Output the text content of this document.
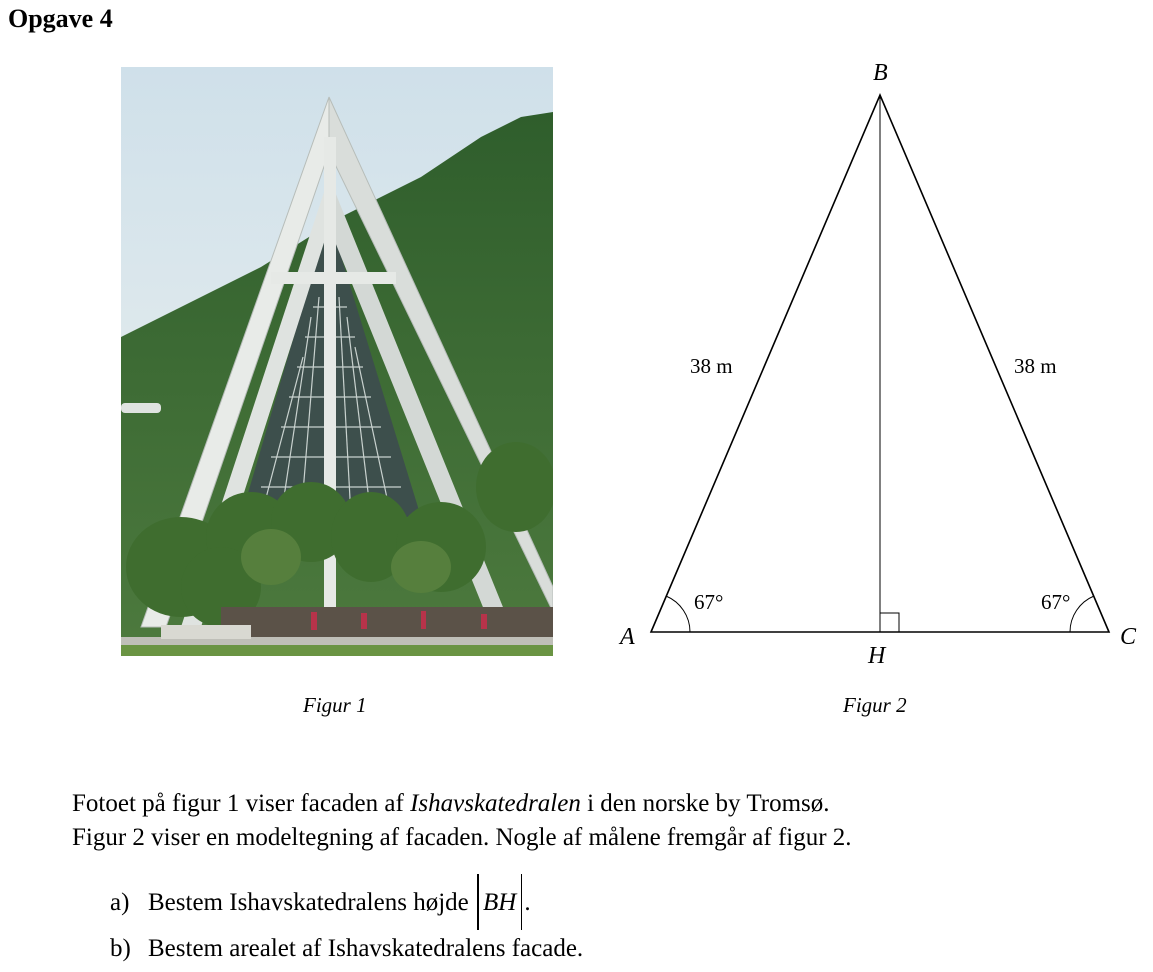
Opgave 4
Figur 1
B
A	C
H
38 m	38 m
67°	67°
Figur 2
Fotoet på figur 1 viser facaden af Ishavskatedralen i den norske by Tromsø.
Figur 2 viser en modeltegning af facaden. Nogle af målene fremgår af figur 2.
a) Bestem Ishavskatedralens højde BH .
b) Bestem arealet af Ishavskatedralens facade.
